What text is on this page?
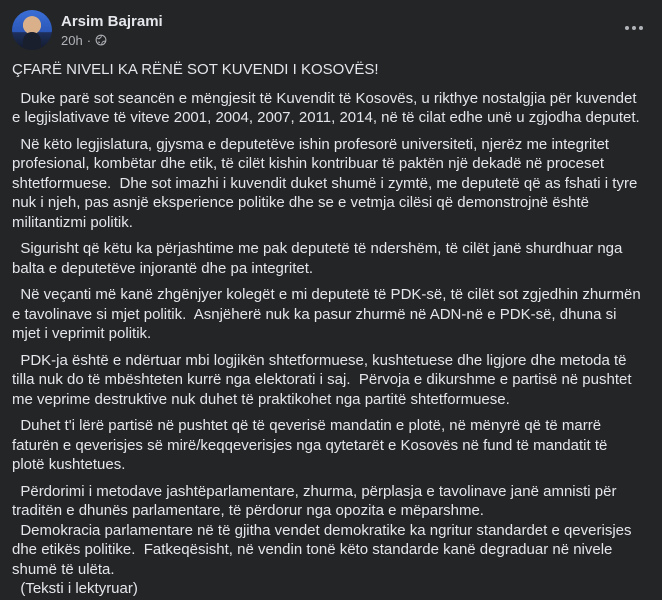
Arsim Bajrami
20h ·

ÇFARË NIVELI KA RËNË SOT KUVENDI I KOSOVËS!

Duke parë sot seancën e mëngjesit të Kuvendit të Kosovës, u rikthye nostalgjia për kuvendet e legjislativave të viteve 2001, 2004, 2007, 2011, 2014, në të cilat edhe unë u zgjodha deputet.

Në këto legjislatura, gjysma e deputetëve ishin profesorë universiteti, njerëz me integritet profesional, kombëtar dhe etik, të cilët kishin kontribuar të paktën një dekadë në proceset shtetformuese.  Dhe sot imazhi i kuvendit duket shumë i zymtë, me deputetë që as fshati i tyre nuk i njeh, pas asnjë eksperience politike dhe se e vetmja cilësi që demonstrojnë është militantizmi politik.

Sigurisht që këtu ka përjashtime me pak deputetë të ndershëm, të cilët janë shurdhuar nga balta e deputetëve injorantë dhe pa integritet.

Në veçanti më kanë zhgënjyer kolegët e mi deputetë të PDK-së, të cilët sot zgjedhin zhurmën e tavolinave si mjet politik.  Asnjëherë nuk ka pasur zhurmë në ADN-në e PDK-së, dhuna si mjet i veprimit politik.

PDK-ja është e ndërtuar mbi logjikën shtetformuese, kushtetuese dhe ligjore dhe metoda të tilla nuk do të mbështeten kurrë nga elektorati i saj.  Përvoja e dikurshme e partisë në pushtet me veprime destruktive nuk duhet të praktikohet nga partitë shtetformuese.

Duhet t'i lërë partisë në pushtet që të qeverisë mandatin e plotë, në mënyrë që të marrë faturën e qeverisjes së mirë/keqqeverisjes nga qytetarët e Kosovës në fund të mandatit të plotë kushtetues.

Përdorimi i metodave jashtëparlamentare, zhurma, përplasja e tavolinave janë amnisti për traditën e dhunës parlamentare, të përdorur nga opozita e mëparshme.

Demokracia parlamentare në të gjitha vendet demokratike ka ngritur standardet e qeverisjes dhe etikës politike.  Fatkeqësisht, në vendin tonë këto standarde kanë degraduar në nivele shumë të ulëta.

(Teksti i lektyruar)
